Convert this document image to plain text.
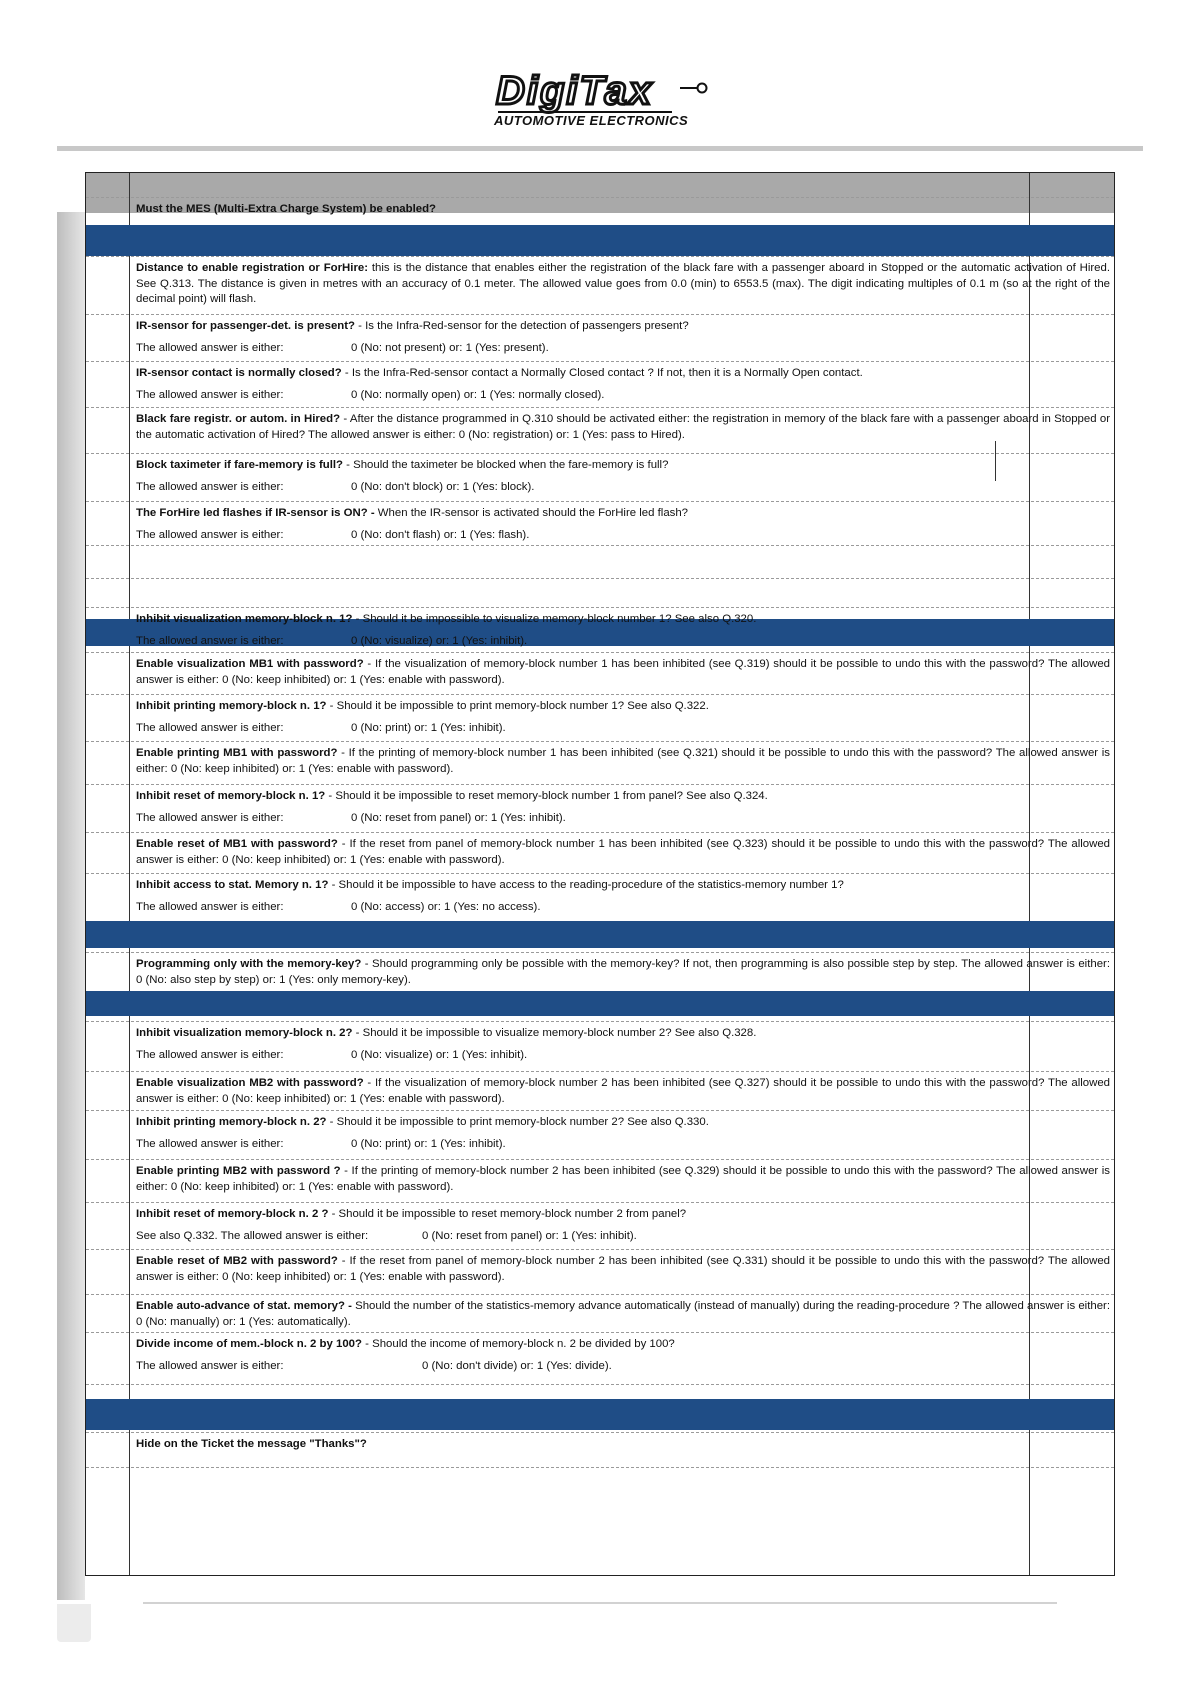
DigiTax
AUTOMOTIVE ELECTRONICS
Must the MES (Multi-Extra Charge System) be enabled?
Distance to enable registration or ForHire: this is the distance that enables either the registration of the black fare with a passenger aboard in Stopped or the automatic activation of Hired. See Q.313. The distance is given in metres with an accuracy of 0.1 meter. The allowed value goes from 0.0 (min) to 6553.5 (max). The digit indicating multiples of 0.1 m (so at the right of the decimal point) will flash.
IR-sensor for passenger-det. is present? - Is the Infra-Red-sensor for the detection of passengers present?
The allowed answer is either:	0 (No: not present) or: 1 (Yes: present).
IR-sensor contact is normally closed? - Is the Infra-Red-sensor contact a Normally Closed contact ? If not, then it is a Normally Open contact.
The allowed answer is either:	0 (No: normally open) or: 1 (Yes: normally closed).
Black fare registr. or autom. in Hired? - After the distance programmed in Q.310 should be activated either: the registration in memory of the black fare with a passenger aboard in Stopped or the automatic activation of Hired? The allowed answer is either: 0 (No: registration) or: 1 (Yes: pass to Hired).
Block taximeter if fare-memory is full? - Should the taximeter be blocked when the fare-memory is full?
The allowed answer is either:	0 (No: don't block) or: 1 (Yes: block).
The ForHire led flashes if IR-sensor is ON? - When the IR-sensor is activated should the ForHire led flash?
The allowed answer is either:	0 (No: don't flash) or: 1 (Yes: flash).
Inhibit visualization memory-block n. 1? - Should it be impossible to visualize memory-block number 1? See also Q.320.
The allowed answer is either:	0 (No: visualize) or: 1 (Yes: inhibit).
Enable visualization MB1 with password? - If the visualization of memory-block number 1 has been inhibited (see Q.319) should it be possible to undo this with the password? The allowed answer is either: 0 (No: keep inhibited) or: 1 (Yes: enable with password).
Inhibit printing memory-block n. 1? - Should it be impossible to print memory-block number 1? See also Q.322.
The allowed answer is either:	0 (No: print) or: 1 (Yes: inhibit).
Enable printing MB1 with password? - If the printing of memory-block number 1 has been inhibited (see Q.321) should it be possible to undo this with the password? The allowed answer is either: 0 (No: keep inhibited) or: 1 (Yes: enable with password).
Inhibit reset of memory-block n. 1? - Should it be impossible to reset memory-block number 1 from panel? See also Q.324.
The allowed answer is either:	0 (No: reset from panel) or: 1 (Yes: inhibit).
Enable reset of MB1 with password? - If the reset from panel of memory-block number 1 has been inhibited (see Q.323) should it be possible to undo this with the password? The allowed answer is either: 0 (No: keep inhibited) or: 1 (Yes: enable with password).
Inhibit access to stat. Memory n. 1? - Should it be impossible to have access to the reading-procedure of the statistics-memory number 1?
The allowed answer is either:	0 (No: access) or: 1 (Yes: no access).
Programming only with the memory-key? - Should programming only be possible with the memory-key? If not, then programming is also possible step by step. The allowed answer is either: 0 (No: also step by step) or: 1 (Yes: only memory-key).
Inhibit visualization memory-block n. 2? - Should it be impossible to visualize memory-block number 2? See also Q.328.
The allowed answer is either:	0 (No: visualize) or: 1 (Yes: inhibit).
Enable visualization MB2 with password? - If the visualization of memory-block number 2 has been inhibited (see Q.327) should it be possible to undo this with the password? The allowed answer is either: 0 (No: keep inhibited) or: 1 (Yes: enable with password).
Inhibit printing memory-block n. 2? - Should it be impossible to print memory-block number 2? See also Q.330.
The allowed answer is either:	0 (No: print) or: 1 (Yes: inhibit).
Enable printing MB2 with password ? - If the printing of memory-block number 2 has been inhibited (see Q.329) should it be possible to undo this with the password? The allowed answer is either: 0 (No: keep inhibited) or: 1 (Yes: enable with password).
Inhibit reset of memory-block n. 2 ? - Should it be impossible to reset memory-block number 2 from panel?
See also Q.332. The allowed answer is either:	0 (No: reset from panel) or: 1 (Yes: inhibit).
Enable reset of MB2 with password? - If the reset from panel of memory-block number 2 has been inhibited (see Q.331) should it be possible to undo this with the password? The allowed answer is either: 0 (No: keep inhibited) or: 1 (Yes: enable with password).
Enable auto-advance of stat. memory? - Should the number of the statistics-memory advance automatically (instead of manually) during the reading-procedure ? The allowed answer is either: 0 (No: manually) or: 1 (Yes: automatically).
Divide income of mem.-block n. 2 by 100? - Should the income of memory-block n. 2 be divided by 100?
The allowed answer is either:	0 (No: don't divide) or: 1 (Yes: divide).
Hide on the Ticket the message "Thanks"?
